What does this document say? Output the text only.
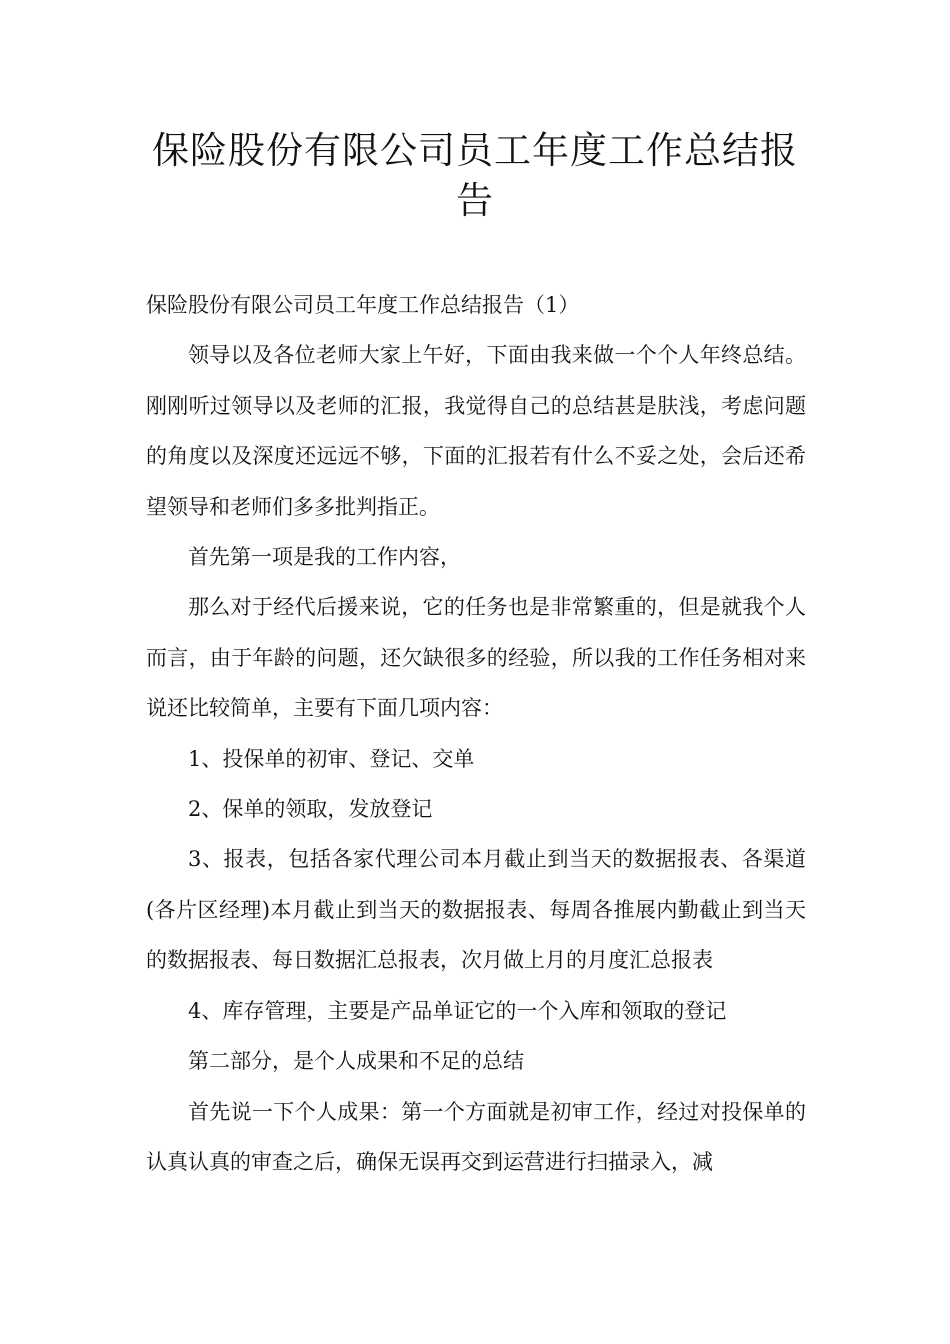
保险股份有限公司员工年度工作总结报告

保险股份有限公司员工年度工作总结报告（1）

领导以及各位老师大家上午好，下面由我来做一个个人年终总结。刚刚听过领导以及老师的汇报，我觉得自己的总结甚是肤浅，考虑问题的角度以及深度还远远不够，下面的汇报若有什么不妥之处，会后还希望领导和老师们多多批判指正。

首先第一项是我的工作内容，

那么对于经代后援来说，它的任务也是非常繁重的，但是就我个人而言，由于年龄的问题，还欠缺很多的经验，所以我的工作任务相对来说还比较简单，主要有下面几项内容：

1、投保单的初审、登记、交单

2、保单的领取，发放登记

3、报表，包括各家代理公司本月截止到当天的数据报表、各渠道(各片区经理)本月截止到当天的数据报表、每周各推展内勤截止到当天的数据报表、每日数据汇总报表，次月做上月的月度汇总报表

4、库存管理，主要是产品单证它的一个入库和领取的登记

第二部分，是个人成果和不足的总结

首先说一下个人成果：第一个方面就是初审工作，经过对投保单的认真认真的审查之后，确保无误再交到运营进行扫描录入，减
